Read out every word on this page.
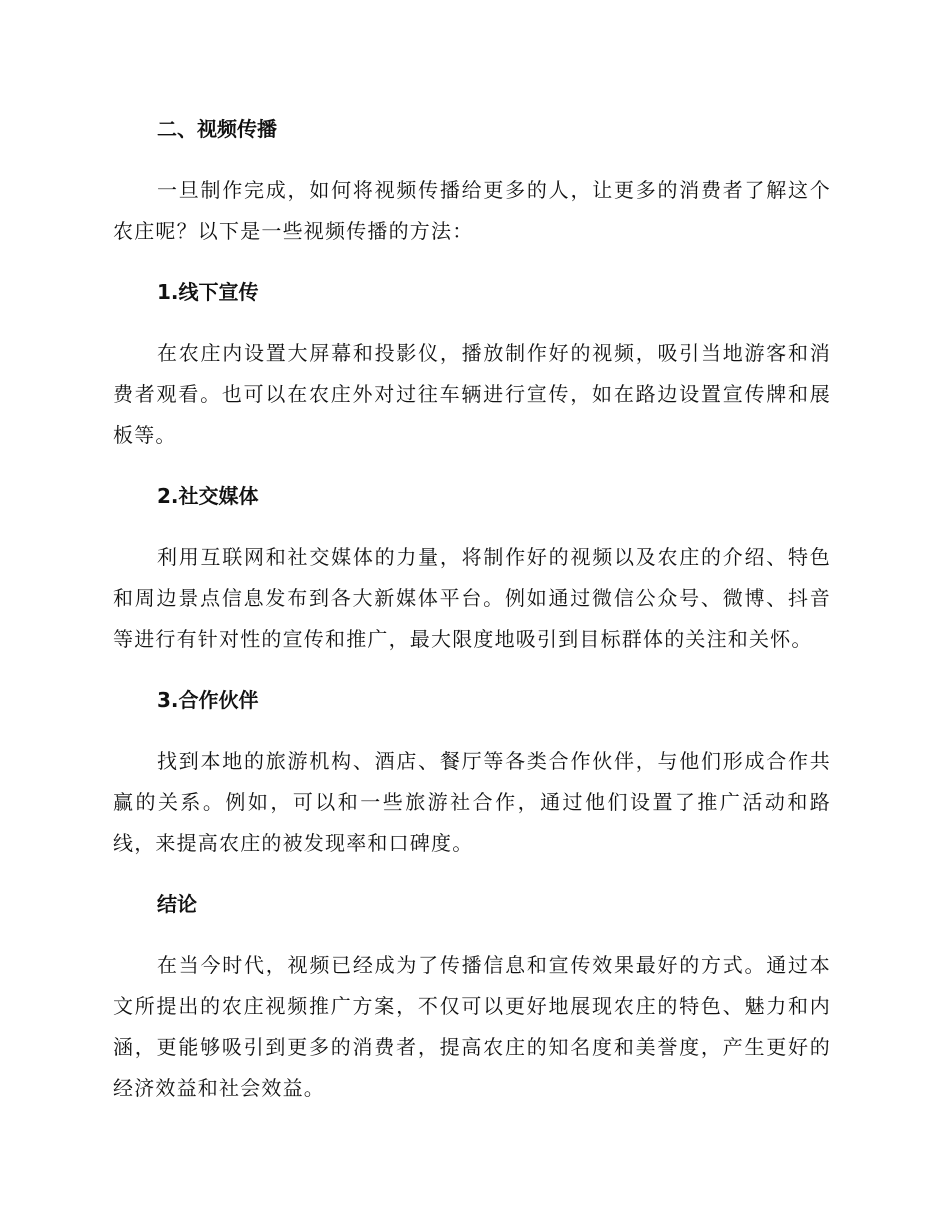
二、视频传播

一旦制作完成，如何将视频传播给更多的人，让更多的消费者了解这个农庄呢？以下是一些视频传播的方法：

1.线下宣传

在农庄内设置大屏幕和投影仪，播放制作好的视频，吸引当地游客和消费者观看。也可以在农庄外对过往车辆进行宣传，如在路边设置宣传牌和展板等。

2.社交媒体

利用互联网和社交媒体的力量，将制作好的视频以及农庄的介绍、特色和周边景点信息发布到各大新媒体平台。例如通过微信公众号、微博、抖音等进行有针对性的宣传和推广，最大限度地吸引到目标群体的关注和关怀。

3.合作伙伴

找到本地的旅游机构、酒店、餐厅等各类合作伙伴，与他们形成合作共赢的关系。例如，可以和一些旅游社合作，通过他们设置了推广活动和路线，来提高农庄的被发现率和口碑度。

结论

在当今时代，视频已经成为了传播信息和宣传效果最好的方式。通过本文所提出的农庄视频推广方案，不仅可以更好地展现农庄的特色、魅力和内涵，更能够吸引到更多的消费者，提高农庄的知名度和美誉度，产生更好的经济效益和社会效益。
